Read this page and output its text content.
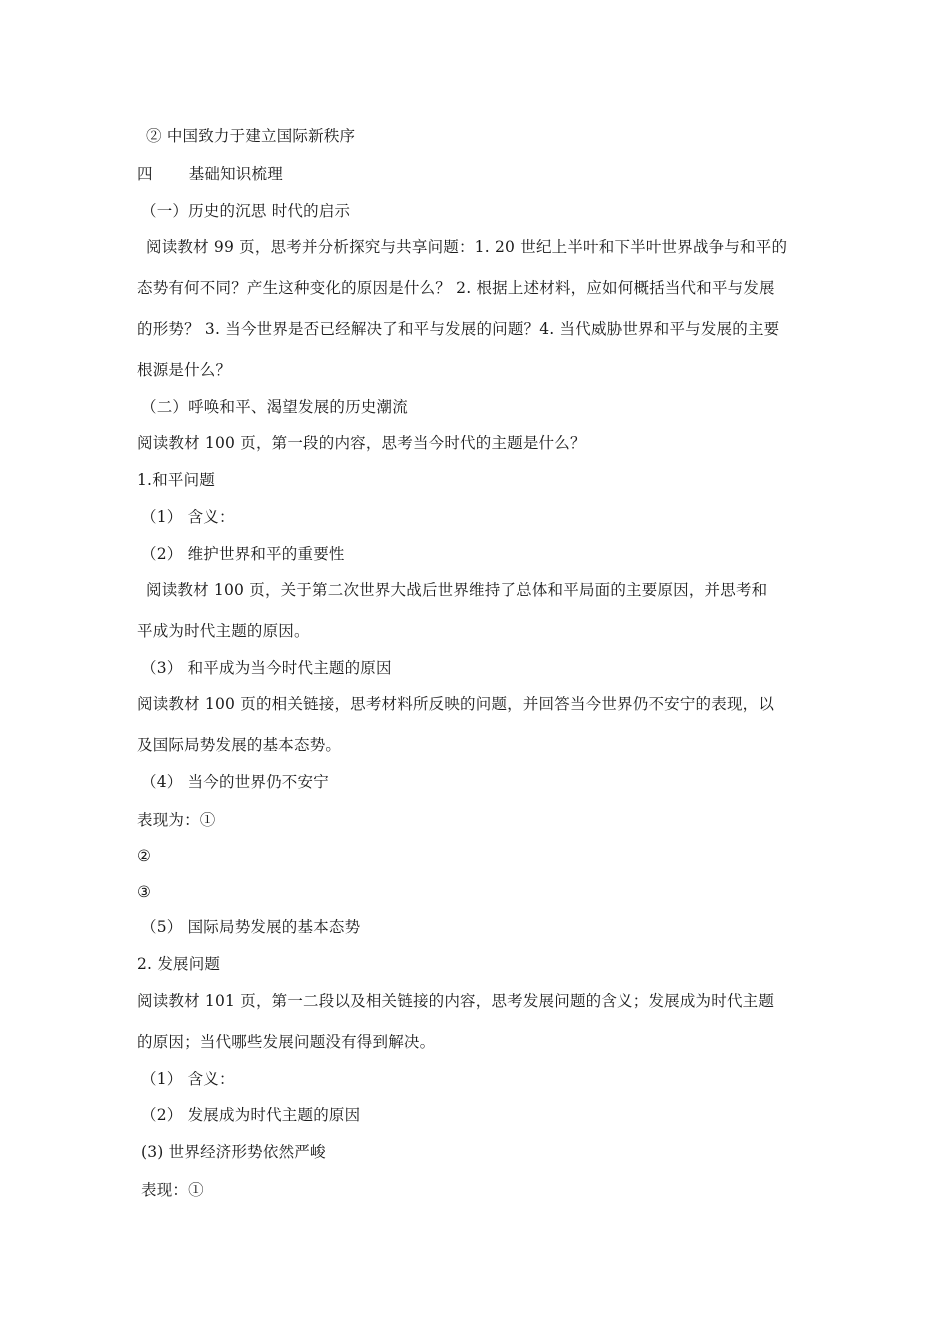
② 中国致力于建立国际新秩序
四 基础知识梳理
（一）历史的沉思 时代的启示
阅读教材 99 页，思考并分析探究与共享问题：1. 20 世纪上半叶和下半叶世界战争与和平的
态势有何不同？产生这种变化的原因是什么？ 2. 根据上述材料，应如何概括当代和平与发展
的形势？ 3. 当今世界是否已经解决了和平与发展的问题？4. 当代威胁世界和平与发展的主要
根源是什么？
（二）呼唤和平、渴望发展的历史潮流
阅读教材 100 页，第一段的内容，思考当今时代的主题是什么？
1.和平问题
（1） 含义：
（2） 维护世界和平的重要性
阅读教材 100 页，关于第二次世界大战后世界维持了总体和平局面的主要原因，并思考和
平成为时代主题的原因。
（3） 和平成为当今时代主题的原因
阅读教材 100 页的相关链接，思考材料所反映的问题，并回答当今世界仍不安宁的表现，以
及国际局势发展的基本态势。
（4） 当今的世界仍不安宁
表现为：①
②
③
（5） 国际局势发展的基本态势
2. 发展问题
阅读教材 101 页，第一二段以及相关链接的内容，思考发展问题的含义；发展成为时代主题
的原因；当代哪些发展问题没有得到解决。
（1） 含义：
（2） 发展成为时代主题的原因
(3) 世界经济形势依然严峻
表现：①
